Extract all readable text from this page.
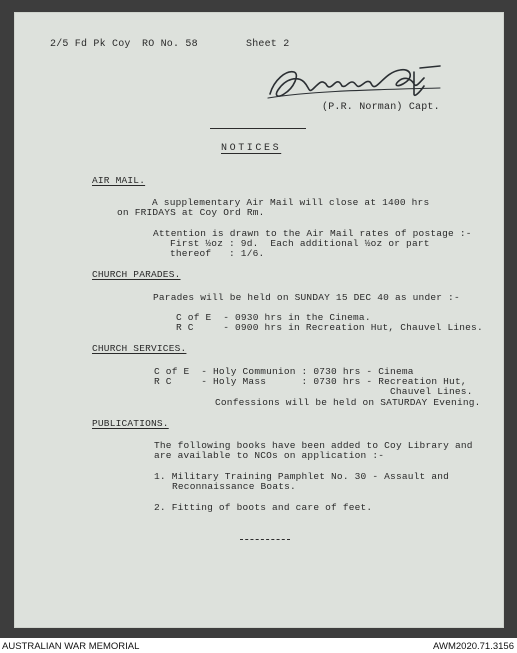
2/5 Fd Pk Coy RO No. 58	Sheet 2

(P.R. Norman) Capt.

NOTICES

AIR MAIL.

A supplementary Air Mail will close at 1400 hrs

on FRIDAYS at Coy Ord Rm.

Attention is drawn to the Air Mail rates of postage :-

First ½oz : 9d.  Each additional ½oz or part

thereof   : 1/6.

CHURCH PARADES.

Parades will be held on SUNDAY 15 DEC 40 as under :-

C of E  - 0930 hrs in the Cinema.

R C     - 0900 hrs in Recreation Hut, Chauvel Lines.

CHURCH SERVICES.

C of E  - Holy Communion : 0730 hrs - Cinema

R C     - Holy Mass      : 0730 hrs - Recreation Hut,

Chauvel Lines.

Confessions will be held on SATURDAY Evening.

PUBLICATIONS.

The following books have been added to Coy Library and

are available to NCOs on application :-

1. Military Training Pamphlet No. 30 - Assault and

Reconnaissance Boats.

2. Fitting of boots and care of feet.

AUSTRALIAN WAR MEMORIAL	AWM2020.71.3156
